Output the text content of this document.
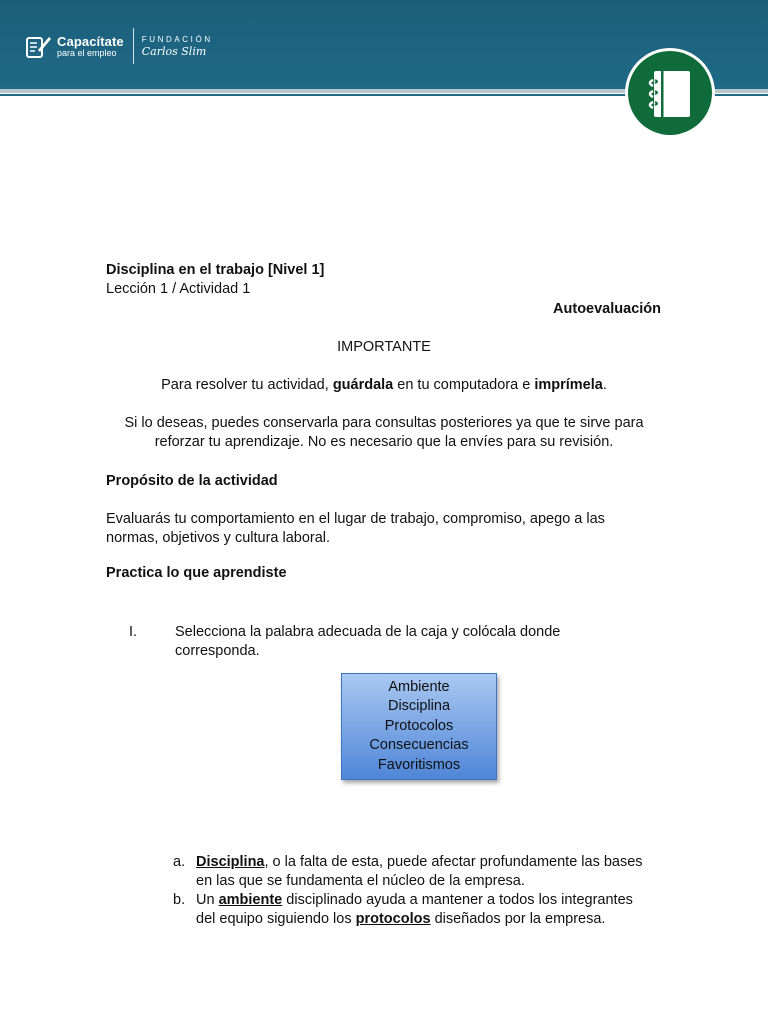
Capacítate
para el empleo
FUNDACIÓN
Carlos Slim
Disciplina en el trabajo [Nivel 1]
Lección 1 / Actividad 1
Autoevaluación
IMPORTANTE
Para resolver tu actividad, guárdala en tu computadora e imprímela.
Si lo deseas, puedes conservarla para consultas posteriores ya que te sirve para
reforzar tu aprendizaje. No es necesario que la envíes para su revisión.
Propósito de la actividad
Evaluarás tu comportamiento en el lugar de trabajo, compromiso, apego a las
normas, objetivos y cultura laboral.
Practica lo que aprendiste
I.	Selecciona la palabra adecuada de la caja y colócala donde
corresponda.
Ambiente
Disciplina
Protocolos
Consecuencias
Favoritismos
a. Disciplina, o la falta de esta, puede afectar profundamente las bases
en las que se fundamenta el núcleo de la empresa.
b. Un ambiente disciplinado ayuda a mantener a todos los integrantes
del equipo siguiendo los protocolos diseñados por la empresa.
